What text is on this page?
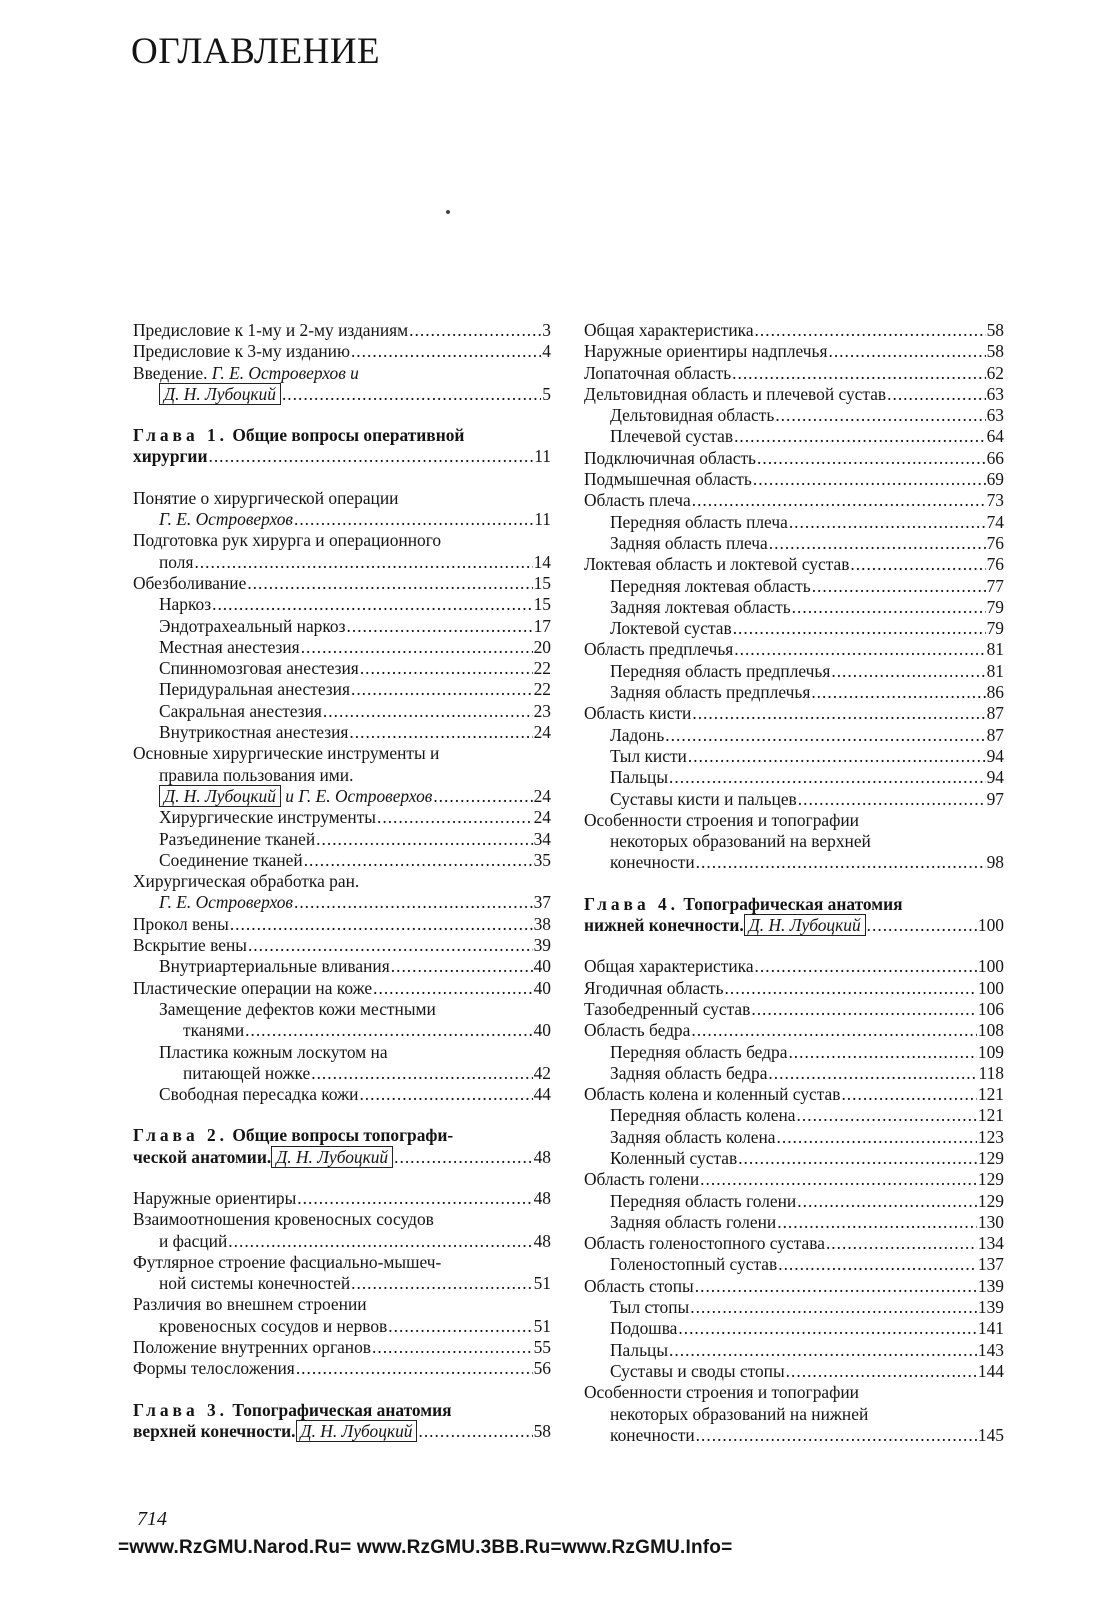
ОГЛАВЛЕНИЕ
Предисловие к 1-му и 2-му изданиям .....	3
Предисловие к 3-му изданию .....	4
Введение. Г. Е. Островерхов и
Д. Н. Лубоцкий .....	5
Глава 1. Общие вопросы оперативной
хирургии .....	11
Понятие о хирургической операции
Г. Е. Островерхов .....	11
Подготовка рук хирурга и операционного
поля .....	14
Обезболивание .....	15
Наркоз .....	15
Эндотрахеальный наркоз .....	17
Местная анестезия .....	20
Спинномозговая анестезия .....	22
Перидуральная анестезия .....	22
Сакральная анестезия .....	23
Внутрикостная анестезия .....	24
Основные хирургические инструменты и
правила пользования ими.
Д. Н. Лубоцкий и Г. Е. Островерхов .....	24
Хирургические инструменты .....	24
Разъединение тканей .....	34
Соединение тканей .....	35
Хирургическая обработка ран.
Г. Е. Островерхов .....	37
Прокол вены .....	38
Вскрытие вены .....	39
Внутриартериальные вливания .....	40
Пластические операции на коже .....	40
Замещение дефектов кожи местными
тканями .....	40
Пластика кожным лоскутом на
питающей ножке .....	42
Свободная пересадка кожи .....	44
Глава 2. Общие вопросы топографи-
ческой анатомии. Д. Н. Лубоцкий .....	48
Наружные ориентиры .....	48
Взаимоотношения кровеносных сосудов
и фасций .....	48
Футлярное строение фасциально-мышеч-
ной системы конечностей .....	51
Различия во внешнем строении
кровеносных сосудов и нервов .....	51
Положение внутренних органов .....	55
Формы телосложения .....	56
Глава 3. Топографическая анатомия
верхней конечности. Д. Н. Лубоцкий .....	58
Общая характеристика .....	58
Наружные ориентиры надплечья .....	58
Лопаточная область .....	62
Дельтовидная область и плечевой сустав .....	63
Дельтовидная область .....	63
Плечевой сустав .....	64
Подключичная область .....	66
Подмышечная область .....	69
Область плеча .....	73
Передняя область плеча .....	74
Задняя область плеча .....	76
Локтевая область и локтевой сустав .....	76
Передняя локтевая область .....	77
Задняя локтевая область .....	79
Локтевой сустав .....	79
Область предплечья .....	81
Передняя область предплечья .....	81
Задняя область предплечья .....	86
Область кисти .....	87
Ладонь .....	87
Тыл кисти .....	94
Пальцы .....	94
Суставы кисти и пальцев .....	97
Особенности строения и топографии
некоторых образований на верхней
конечности .....	98
Глава 4. Топографическая анатомия
нижней конечности. Д. Н. Лубоцкий .....	100
Общая характеристика .....	100
Ягодичная область .....	100
Тазобедренный сустав .....	106
Область бедра .....	108
Передняя область бедра .....	109
Задняя область бедра .....	118
Область колена и коленный сустав .....	121
Передняя область колена .....	121
Задняя область колена .....	123
Коленный сустав .....	129
Область голени .....	129
Передняя область голени .....	129
Задняя область голени .....	130
Область голеностопного сустава .....	134
Голеностопный сустав .....	137
Область стопы .....	139
Тыл стопы .....	139
Подошва .....	141
Пальцы .....	143
Суставы и своды стопы .....	144
Особенности строения и топографии
некоторых образований на нижней
конечности .....	145
714
=www.RzGMU.Narod.Ru= www.RzGMU.3BB.Ru=www.RzGMU.Info=
